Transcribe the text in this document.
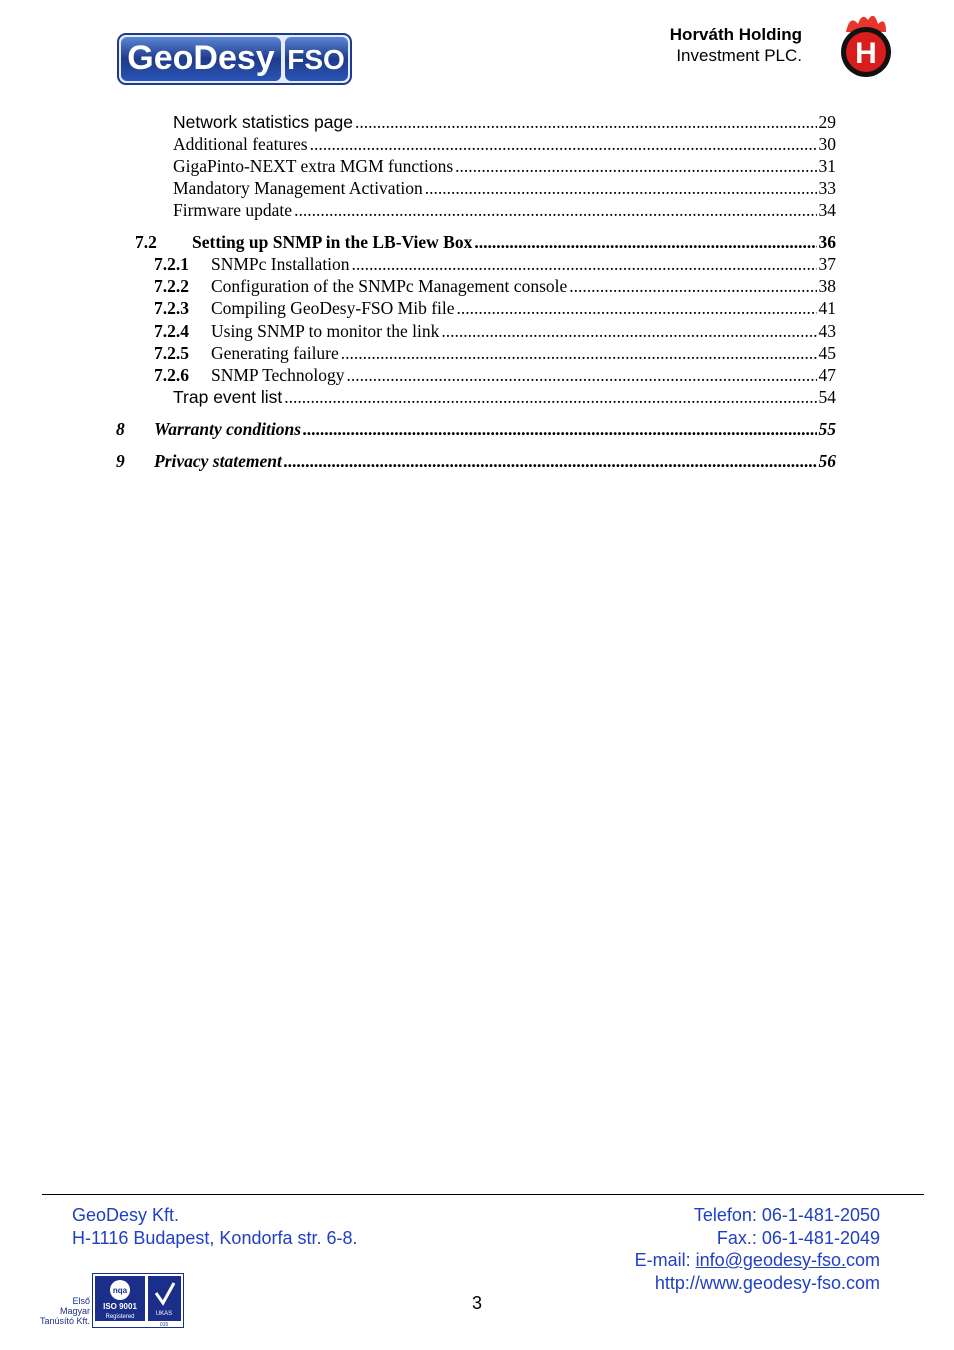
GeoDesy FSO
Horváth Holding
Investment PLC. H
Network statistics page .....	29
Additional features .....	30
GigaPinto-NEXT extra MGM functions .....	31
Mandatory Management Activation .....	33
Firmware update .....	34
7.2 Setting up SNMP in the LB-View Box .....	36
7.2.1 SNMPc Installation .....	37
7.2.2 Configuration of the SNMPc Management console .....	38
7.2.3 Compiling GeoDesy-FSO Mib file .....	41
7.2.4 Using SNMP to monitor the link .....	43
7.2.5 Generating failure .....	45
7.2.6 SNMP Technology .....	47
Trap event list .....	54
8 Warranty conditions .....	55
9 Privacy statement .....	56
GeoDesy Kft.
H-1116 Budapest, Kondorfa str. 6-8.
Telefon: 06-1-481-2050
Fax.: 06-1-481-2049
E-mail: info@geodesy-fso.com
http://www.geodesy-fso.com
3
Első
Magyar
Tanúsító Kft.
nqa
ISO 9001
Registered	UKAS
015
